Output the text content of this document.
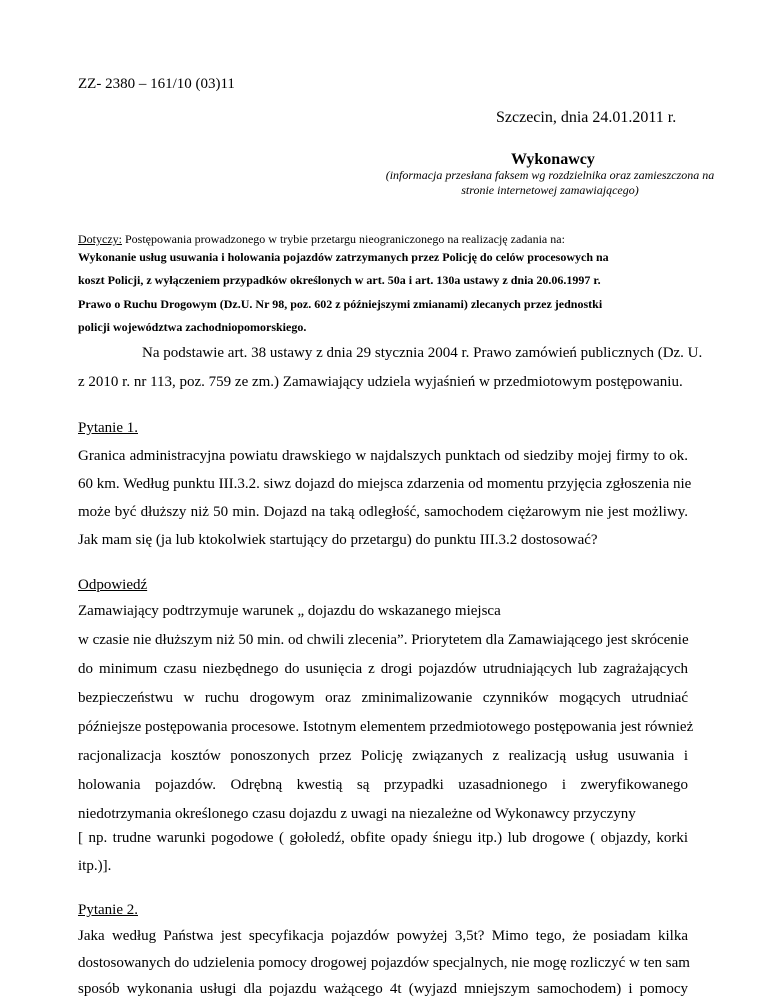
ZZ- 2380 – 161/10 (03)11
Szczecin, dnia 24.01.2011 r.
Wykonawcy
(informacja przesłana faksem wg rozdzielnika oraz zamieszczona na stronie internetowej zamawiającego)
Dotyczy: Postępowania prowadzonego w trybie przetargu nieograniczonego na realizację zadania na:
Wykonanie usług usuwania i holowania pojazdów zatrzymanych przez Policję do celów procesowych na
koszt Policji, z wyłączeniem przypadków określonych w art. 50a i art. 130a ustawy z dnia 20.06.1997 r.
Prawo o Ruchu Drogowym (Dz.U. Nr 98, poz. 602 z późniejszymi zmianami) zlecanych przez jednostki
policji województwa zachodniopomorskiego.
Na podstawie art. 38 ustawy z dnia 29 stycznia 2004 r. Prawo zamówień publicznych (Dz. U.
z 2010 r. nr 113, poz. 759 ze zm.) Zamawiający udziela wyjaśnień w przedmiotowym postępowaniu.
Pytanie 1.
Granica administracyjna powiatu drawskiego w najdalszych punktach od siedziby mojej firmy to ok.
60 km. Według punktu III.3.2. siwz dojazd do miejsca zdarzenia od momentu przyjęcia zgłoszenia nie
może być dłuższy niż 50 min. Dojazd na taką odległość, samochodem ciężarowym nie jest możliwy.
Jak mam się (ja lub ktokolwiek startujący do przetargu) do punktu III.3.2 dostosować?
Odpowiedź
Zamawiający podtrzymuje warunek „ dojazdu do wskazanego miejsca
w czasie nie dłuższym niż 50 min. od chwili zlecenia”. Priorytetem dla Zamawiającego jest skrócenie
do minimum czasu niezbędnego do usunięcia z drogi pojazdów utrudniających lub zagrażających
bezpieczeństwu w ruchu drogowym oraz zminimalizowanie czynników mogących utrudniać
późniejsze postępowania procesowe. Istotnym elementem przedmiotowego postępowania jest również
racjonalizacja kosztów ponoszonych przez Policję związanych z realizacją usług usuwania i
holowania pojazdów. Odrębną kwestią są przypadki uzasadnionego i zweryfikowanego
niedotrzymania określonego czasu dojazdu z uwagi na niezależne od Wykonawcy przyczyny
[ np. trudne warunki pogodowe ( gołoledź, obfite opady śniegu itp.) lub drogowe ( objazdy, korki
itp.)].
Pytanie 2.
Jaka według Państwa jest specyfikacja pojazdów powyżej 3,5t? Mimo tego, że posiadam kilka
dostosowanych do udzielenia pomocy drogowej pojazdów specjalnych, nie mogę rozliczyć w ten sam
sposób wykonania usługi dla pojazdu ważącego 4t (wyjazd mniejszym samochodem) i pomocy
